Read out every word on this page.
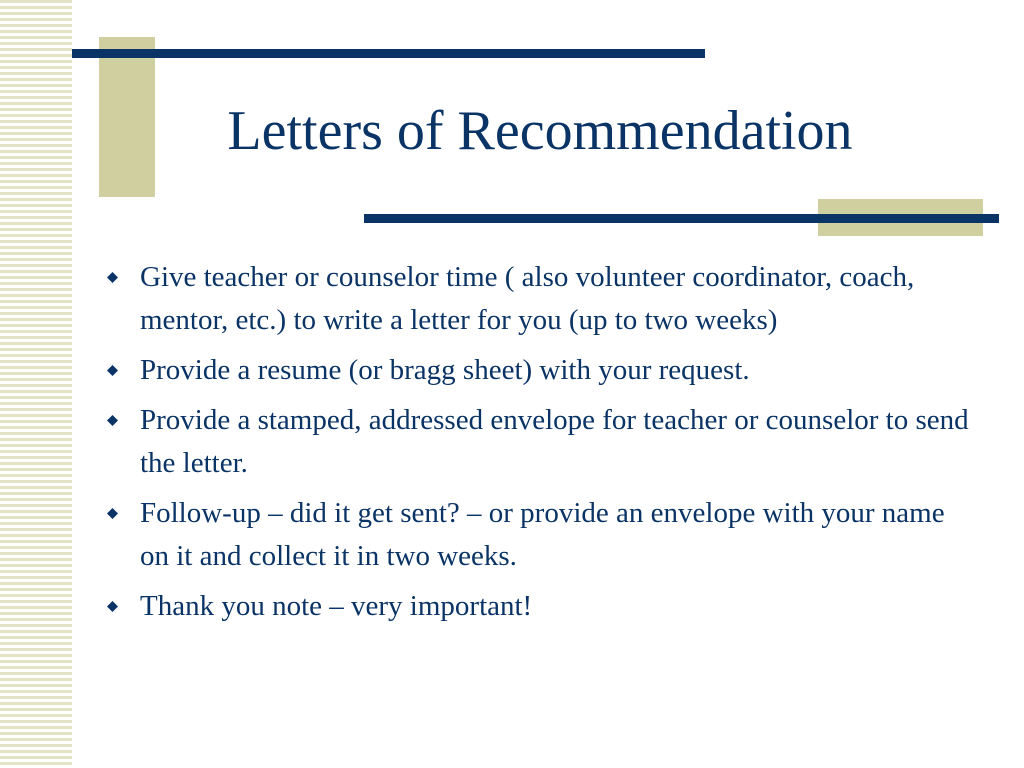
Letters of Recommendation
Give teacher or counselor time ( also volunteer coordinator, coach, mentor, etc.) to write a letter for you (up to two weeks)
Provide a resume (or bragg sheet) with your request.
Provide a stamped, addressed envelope for teacher or counselor to send the letter.
Follow-up – did it get sent? – or provide an envelope with your name on it and collect it in two weeks.
Thank you note – very important!
